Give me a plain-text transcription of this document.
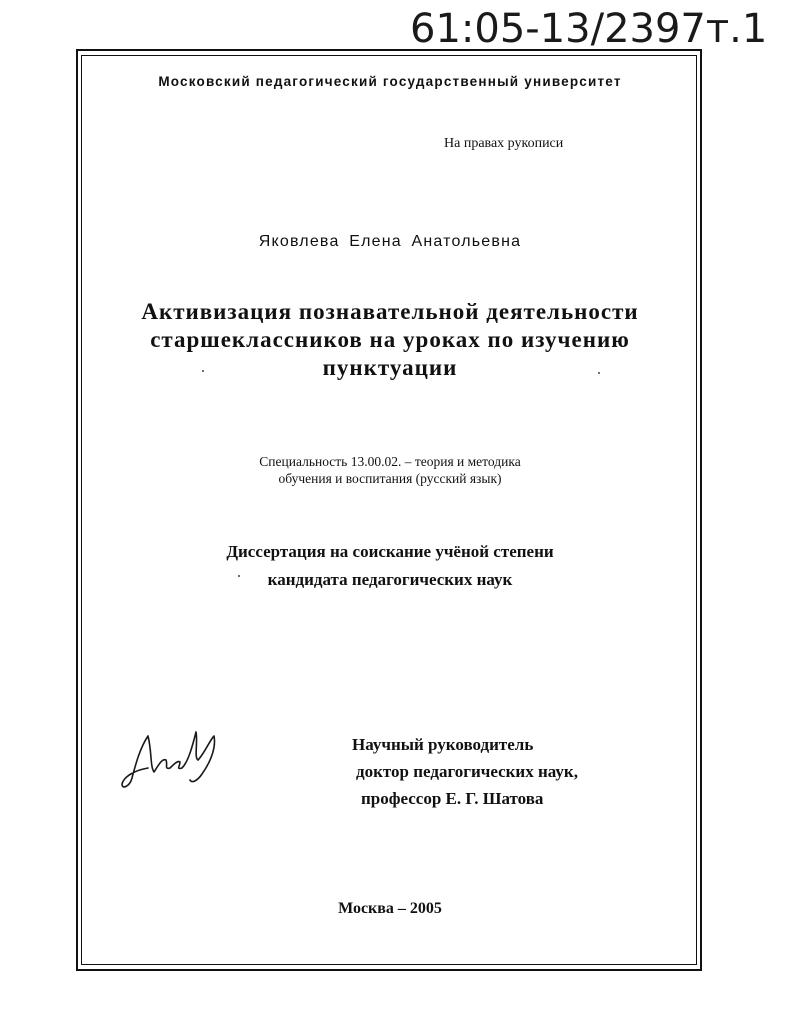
61:05-13/2397т.1
Московский педагогический государственный университет
На правах рукописи
Яковлева Елена Анатольевна
Активизация познавательной деятельности
старшеклассников на уроках по изучению
пунктуации
Специальность 13.00.02. – теория и методика
обучения и воспитания (русский язык)
Диссертация на соискание учёной степени
кандидата педагогических наук
Научный руководитель
доктор педагогических наук,
профессор Е. Г. Шатова
Москва – 2005
